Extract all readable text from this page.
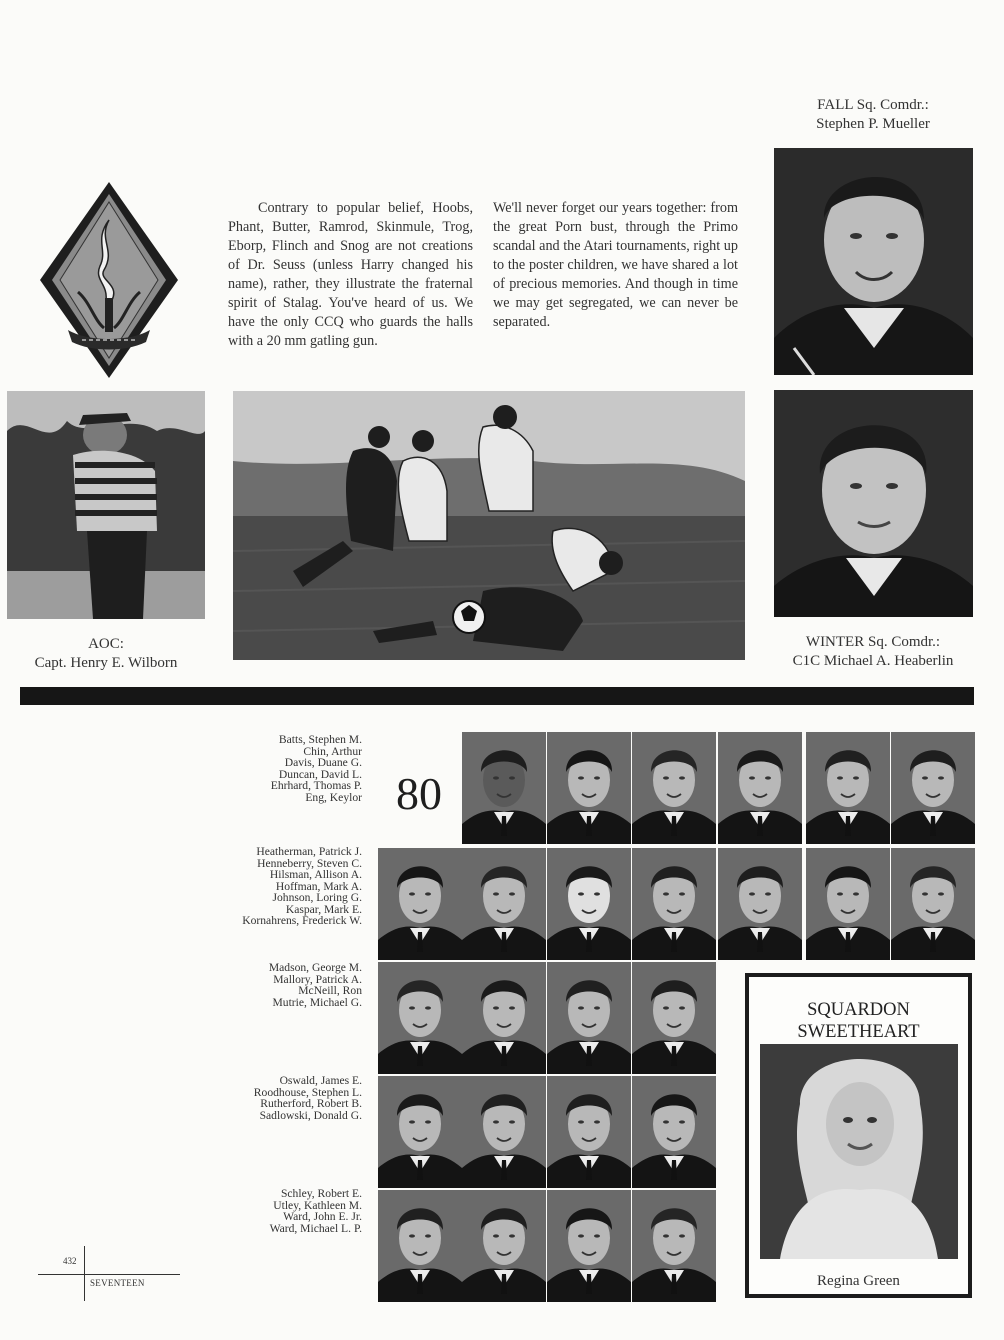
Contrary to popular belief, Hoobs, Phant, Butter, Ramrod, Skinmule, Trog, Eborp, Flinch and Snog are not creations of Dr. Seuss (unless Harry changed his name), rather, they illustrate the fraternal spirit of Stalag. You've heard of us. We have the only CCQ who guards the halls with a 20 mm gatling gun.

We'll never forget our years together: from the great Porn bust, through the Primo scandal and the Atari tournaments, right up to the poster children, we have shared a lot of precious memories. And though in time we may get segregated, we can never be separated.

FALL Sq. Comdr.:
Stephen P. Mueller
WINTER Sq. Comdr.:
C1C Michael A. Heaberlin
AOC:
Capt. Henry E. Wilborn
Batts, Stephen M.
Chin, Arthur
Davis, Duane G.
Duncan, David L.
Ehrhard, Thomas P.
Eng, Keylor
Heatherman, Patrick J.
Henneberry, Steven C.
Hilsman, Allison A.
Hoffman, Mark A.
Johnson, Loring G.
Kaspar, Mark E.
Kornahrens, Frederick W.
Madson, George M.
Mallory, Patrick A.
McNeill, Ron
Mutrie, Michael G.
Oswald, James E.
Roodhouse, Stephen L.
Rutherford, Robert B.
Sadlowski, Donald G.
Schley, Robert E.
Utley, Kathleen M.
Ward, John E. Jr.
Ward, Michael L. P.
80
SQUARDON
SWEETHEART
Regina Green
432
SEVENTEEN
